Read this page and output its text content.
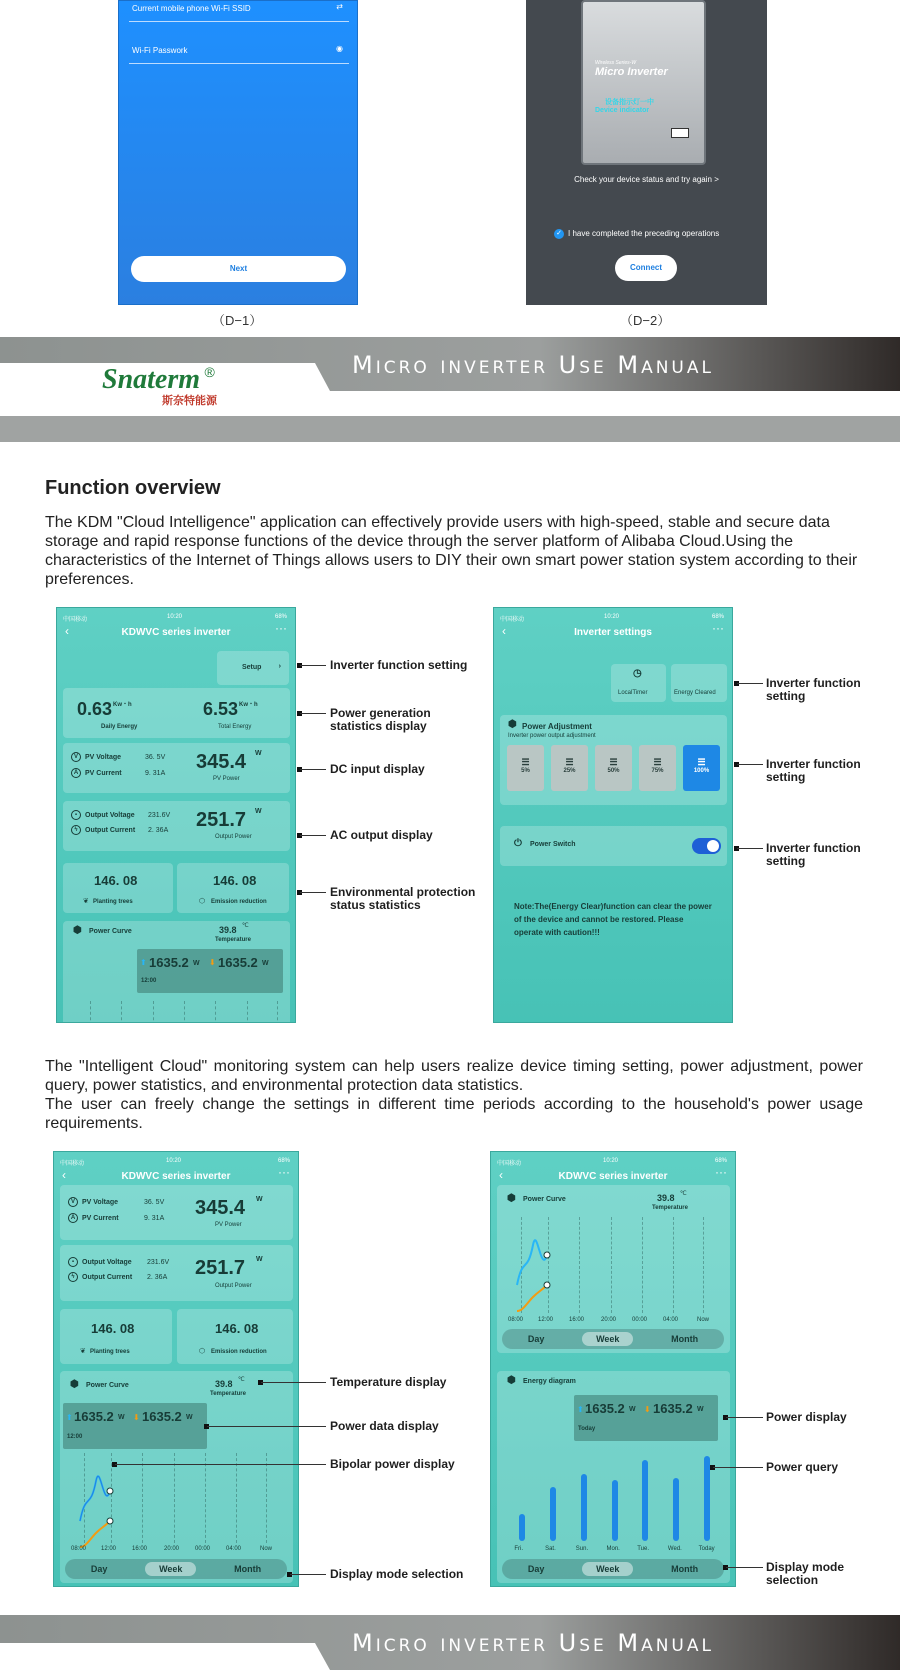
Current mobile phone Wi-Fi SSID	⇄
Wi-Fi Passwork	◉
Next
（D−1）
Wireless Series-W
Micro Inverter
设备指示灯一中
Device indicator
Check your device status and try again >
✓ I have completed the preceding operations
Connect
（D−2）
Micro inverter Use Manual
Snaterm ®
斯奈特能源
Function overview
The KDM "Cloud Intelligence" application can effectively provide users with high-speed, stable and secure data storage and rapid response functions of the device through the server platform of Alibaba Cloud.Using the characteristics of the Internet of Things allows users to DIY their own smart power station system according to their preferences.
中国移动	10:20	68%
‹	KDWVC series inverter	···
Setup ›
0.63 Kw・h
Daily Energy
6.53 Kw・h
Total Energy
V PV Voltage	36. 5V
A PV Current	9. 31A
345.4 W
PV Power
▪ Output Voltage 231.6V
ϟ Output Current 2. 36A 251.7 W
Output Power
146. 08
Planting trees
❦
146. 08
Emission reduction
⬡
⬢ Power Curve	39.8 ℃
Temperature
⬆ 1635.2 W ⬇ 1635.2 W
12:00
Inverter function setting
Power generation
statistics display
DC input display
AC output display
Environmental protection
status statistics
中国移动	10:20	68%
‹	Inverter settings	···
◷
LocalTimer	Energy Cleared
⬢ Power Adjustment
Inverter power output adjustment
☰
5%
☰
25%
☰
50%
☰
75%
☰
100%
⏻ Power Switch
Note:The(Energy Clear)function can clear the power of the device and cannot be restored. Please operate with caution!!!
Inverter function
setting
Inverter function
setting
Inverter function
setting
The "Intelligent Cloud" monitoring system can help users realize device timing setting, power adjustment, power query, power statistics, and environmental protection data statistics.
The user can freely change the settings in different time periods according to the household's power usage requirements.
中国移动	10:20	68%
‹	KDWVC series inverter	···
V PV Voltage	36. 5V
A PV Current	9. 31A 345.4 W
PV Power
▪ Output Voltage 231.6V
ϟ Output Current 2. 36A 251.7 W
Output Power
146. 08
❦ Planting trees
146. 08
⬡ Emission reduction
⬢ Power Curve	39.8 ℃
Temperature
⬆ 1635.2 W ⬇ 1635.2 W
12:00
08:00 12:00	16:00	20:00	00:00	04:00	Now
Day	Week	Month
Temperature display
Power data display
Bipolar power display
Display mode selection
中国移动	10:20	68%
‹	KDWVC series inverter	···
⬢ Power Curve	39.8 ℃
Temperature
08:00 12:00	16:00	20:00	00:00	04:00	Now
Day	Week	Month
⬢ Energy diagram
⬆ 1635.2 W ⬇ 1635.2 W
Today
Fri.	Sat.	Sun.	Mon.	Tue.	Wed.	Today
Day	Week	Month
Power display
Power query
Display mode
selection
Micro inverter Use Manual
